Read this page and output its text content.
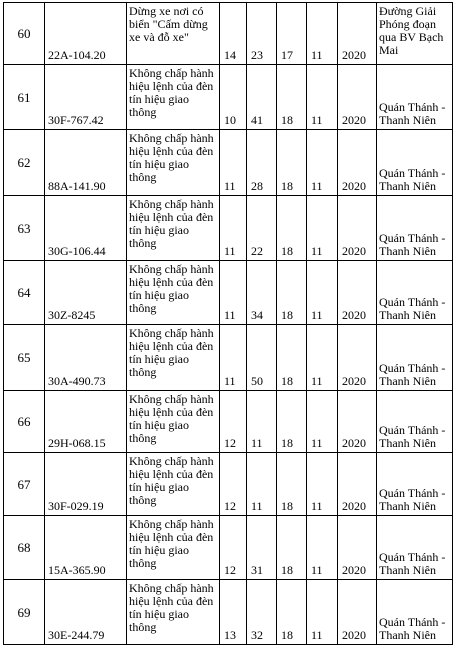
60	22A-104.20	Dừng xe nơi có
biển "Cấm dừng
xe và đỗ xe"	14	23	17	11	2020	Đường Giải
Phóng đoạn
qua BV Bạch
Mai

61	30F-767.42	Không chấp hành
hiệu lệnh của đèn
tín hiệu giao
thông	10	41	18	11	2020	Quán Thánh -
Thanh Niên

62	88A-141.90	Không chấp hành
hiệu lệnh của đèn
tín hiệu giao
thông	11	28	18	11	2020	Quán Thánh -
Thanh Niên

63	30G-106.44	Không chấp hành
hiệu lệnh của đèn
tín hiệu giao
thông	11	22	18	11	2020	Quán Thánh -
Thanh Niên

64	30Z-8245	Không chấp hành
hiệu lệnh của đèn
tín hiệu giao
thông	11	34	18	11	2020	Quán Thánh -
Thanh Niên

65	30A-490.73	Không chấp hành
hiệu lệnh của đèn
tín hiệu giao
thông	11	50	18	11	2020	Quán Thánh -
Thanh Niên

66	29H-068.15	Không chấp hành
hiệu lệnh của đèn
tín hiệu giao
thông	12	11	18	11	2020	Quán Thánh -
Thanh Niên

67	30F-029.19	Không chấp hành
hiệu lệnh của đèn
tín hiệu giao
thông	12	11	18	11	2020	Quán Thánh -
Thanh Niên

68	15A-365.90	Không chấp hành
hiệu lệnh của đèn
tín hiệu giao
thông	12	31	18	11	2020	Quán Thánh -
Thanh Niên

69	30E-244.79	Không chấp hành
hiệu lệnh của đèn
tín hiệu giao
thông	13	32	18	11	2020	Quán Thánh -
Thanh Niên
